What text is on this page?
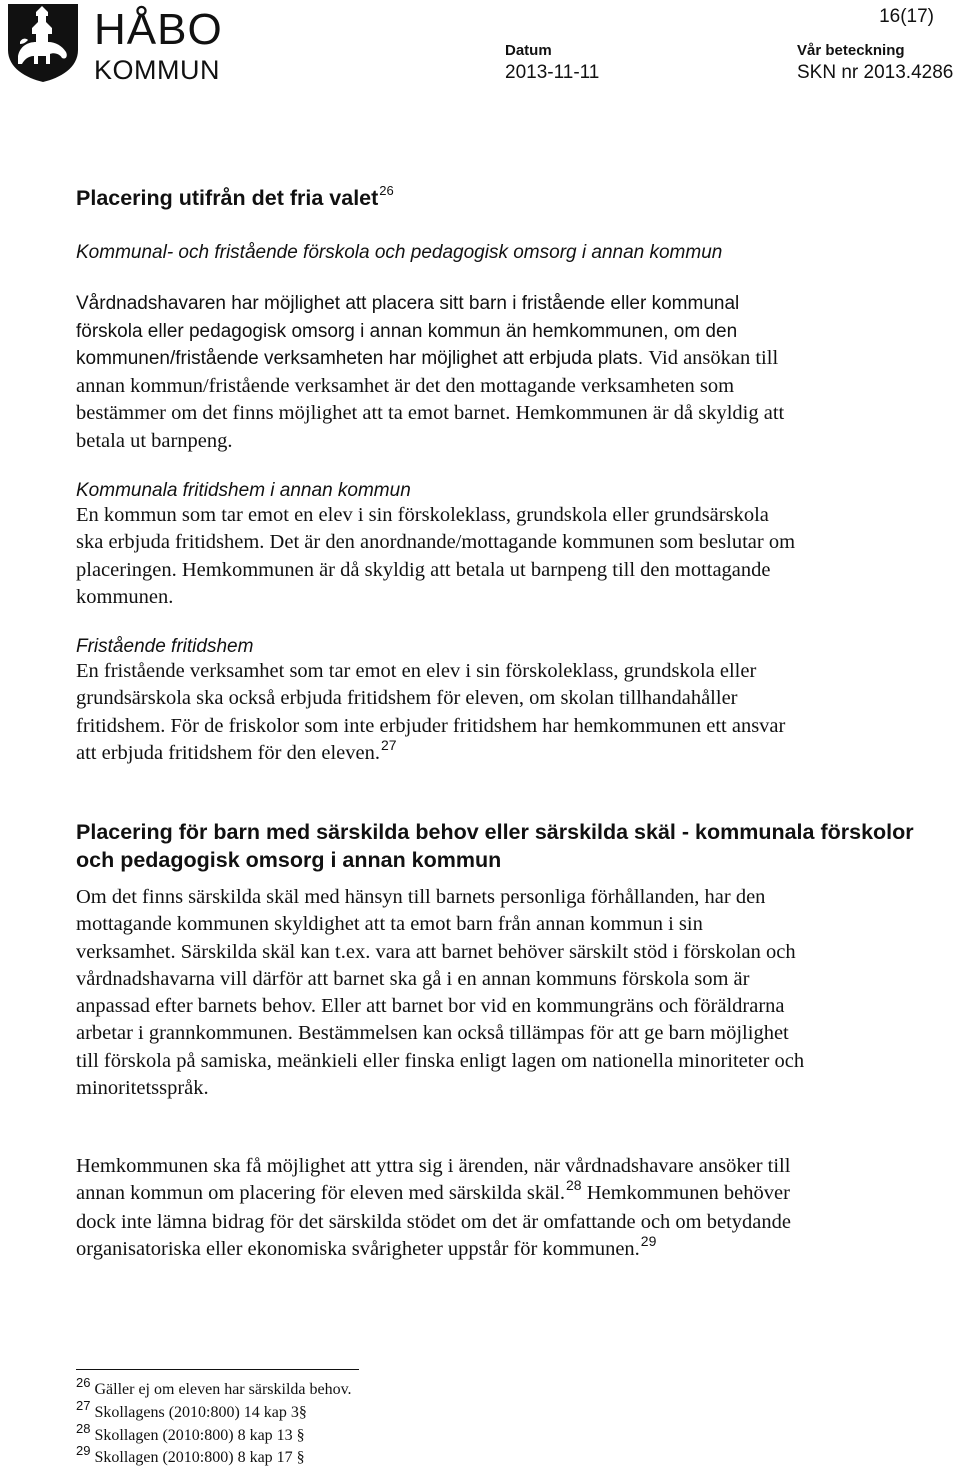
HÅBO
KOMMUN
16(17)
Datum
2013-11-11
Vår beteckning
SKN nr 2013.4286
Placering utifrån det fria valet$^{26}$
Kommunal- och fristående förskola och pedagogisk omsorg i annan kommun
Vårdnadshavaren har möjlighet att placera sitt barn i fristående eller kommunal förskola eller pedagogisk omsorg i annan kommun än hemkommunen, om den kommunen/fristående verksamheten har möjlighet att erbjuda plats. Vid ansökan till annan kommun/fristående verksamhet är det den mottagande verksamheten som bestämmer om det finns möjlighet att ta emot barnet. Hemkommunen är då skyldig att betala ut barnpeng.
Kommunala fritidshem i annan kommun
En kommun som tar emot en elev i sin förskoleklass, grundskola eller grundsärskola ska erbjuda fritidshem. Det är den anordnande/mottagande kommunen som beslutar om placeringen. Hemkommunen är då skyldig att betala ut barnpeng till den mottagande kommunen.
Fristående fritidshem
En fristående verksamhet som tar emot en elev i sin förskoleklass, grundskola eller grundsärskola ska också erbjuda fritidshem för eleven, om skolan tillhandahåller fritidshem. För de friskolor som inte erbjuder fritidshem har hemkommunen ett ansvar att erbjuda fritidshem för den eleven.$^{27}$
Placering för barn med särskilda behov eller särskilda skäl - kommunala förskolor och pedagogisk omsorg i annan kommun
Om det finns särskilda skäl med hänsyn till barnets personliga förhållanden, har den mottagande kommunen skyldighet att ta emot barn från annan kommun i sin verksamhet. Särskilda skäl kan t.ex. vara att barnet behöver särskilt stöd i förskolan och vårdnadshavarna vill därför att barnet ska gå i en annan kommuns förskola som är anpassad efter barnets behov. Eller att barnet bor vid en kommungräns och föräldrarna arbetar i grannkommunen. Bestämmelsen kan också tillämpas för att ge barn möjlighet till förskola på samiska, meänkieli eller finska enligt lagen om nationella minoriteter och minoritetsspråk.
Hemkommunen ska få möjlighet att yttra sig i ärenden, när vårdnadshavare ansöker till annan kommun om placering för eleven med särskilda skäl.$^{28}$ Hemkommunen behöver dock inte lämna bidrag för det särskilda stödet om det är omfattande och om betydande organisatoriska eller ekonomiska svårigheter uppstår för kommunen.$^{29}$
$^{26}$ Gäller ej om eleven har särskilda behov.
$^{27}$ Skollagens (2010:800) 14 kap 3§
$^{28}$ Skollagen (2010:800) 8 kap 13 §
$^{29}$ Skollagen (2010:800) 8 kap 17 §
